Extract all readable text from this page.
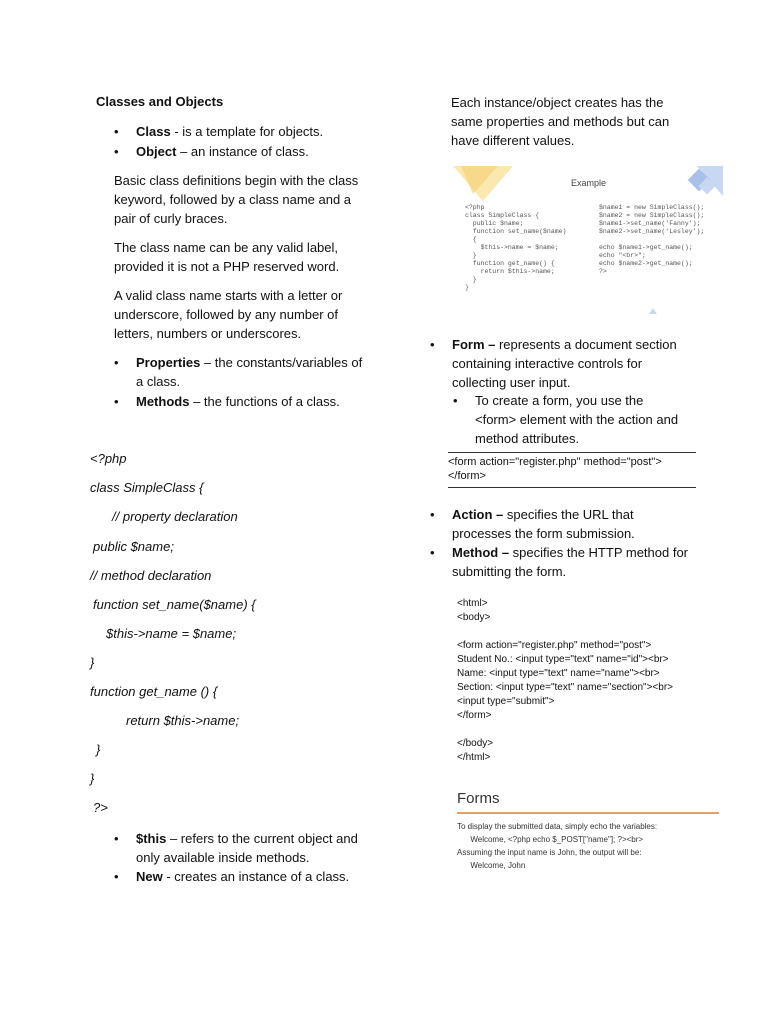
Classes and Objects
• Class - is a template for objects.
• Object – an instance of class.
Basic class definitions begin with the class
keyword, followed by a class name and a
pair of curly braces.
The class name can be any valid label,
provided it is not a PHP reserved word.
A valid class name starts with a letter or
underscore, followed by any number of
letters, numbers or underscores.
• Properties – the constants/variables of
a class.
• Methods – the functions of a class.
<?php
class SimpleClass {
// property declaration
public $name;
// method declaration
function set_name($name) {
$this->name = $name;
}
function get_name () {
return $this->name;
}
}
?>
• $this – refers to the current object and
only available inside methods.
• New - creates an instance of a class.
Each instance/object creates has the
same properties and methods but can
have different values.
Example
<?php
class SimpleClass {
public $name;
function set_name($name)
{
$this->name = $name;
}
function get_name() {
return $this->name;
}
}
$name1 = new SimpleClass();
$name2 = new SimpleClass();
$name1->set_name('Fanny');
$name2->set_name('Lesley');

echo $name1->get_name();
echo "<br>";
echo $name2->get_name();
?>
• Form – represents a document section
containing interactive controls for
collecting user input.
• To create a form, you use the
<form> element with the action and
method attributes.
<form action="register.php" method="post">
</form>
• Action – specifies the URL that
processes the form submission.
• Method – specifies the HTTP method for
submitting the form.
<html>
<body>

<form action="register.php" method="post">
Student No.: <input type="text" name="id"><br>
Name: <input type="text" name="name"><br>
Section: <input type="text" name="section"><br>
<input type="submit">
</form>

</body>
</html>
Forms
To display the submitted data, simply echo the variables:
Welcome, <?php echo $_POST["name"]; ?><br>
Assuming the input name is John, the output will be:
Welcome, John
